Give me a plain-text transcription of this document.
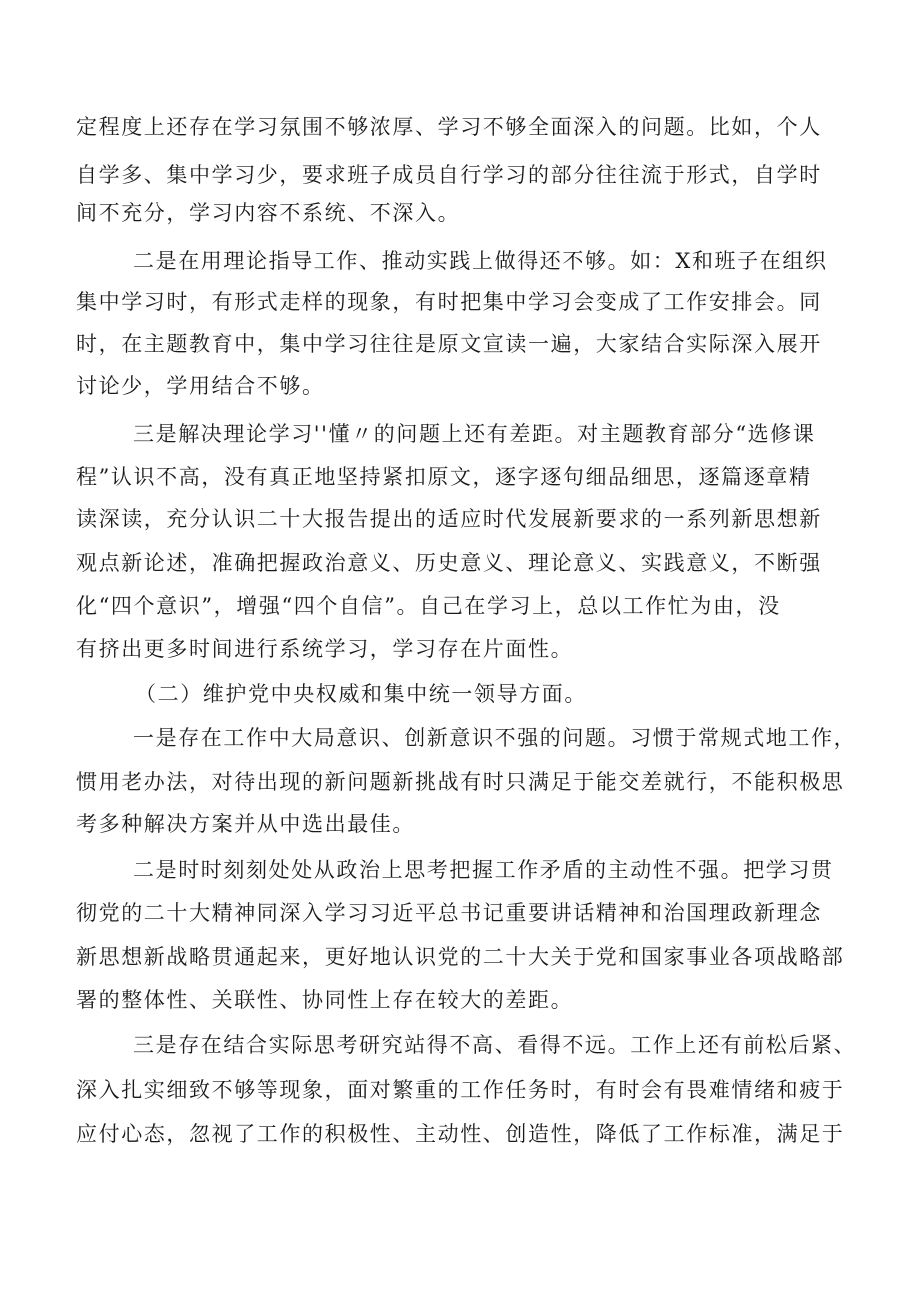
定程度上还存在学习氛围不够浓厚、学习不够全面深入的问题。比如，个人
自学多、集中学习少，要求班子成员自行学习的部分往往流于形式，自学时
间不充分，学习内容不系统、不深入。
二是在用理论指导工作、推动实践上做得还不够。如：X和班子在组织
集中学习时，有形式走样的现象，有时把集中学习会变成了工作安排会。同
时，在主题教育中，集中学习往往是原文宣读一遍，大家结合实际深入展开
讨论少，学用结合不够。
三是解决理论学习''懂〃的问题上还有差距。对主题教育部分“选修课
程”认识不高，没有真正地坚持紧扣原文，逐字逐句细品细思，逐篇逐章精
读深读，充分认识二十大报告提出的适应时代发展新要求的一系列新思想新
观点新论述，准确把握政治意义、历史意义、理论意义、实践意义，不断强
化“四个意识”，增强“四个自信”。自己在学习上，总以工作忙为由，没
有挤出更多时间进行系统学习，学习存在片面性。
（二）维护党中央权威和集中统一领导方面。
一是存在工作中大局意识、创新意识不强的问题。习惯于常规式地工作，
惯用老办法，对待出现的新问题新挑战有时只满足于能交差就行，不能积极思
考多种解决方案并从中选出最佳。
二是时时刻刻处处从政治上思考把握工作矛盾的主动性不强。把学习贯
彻党的二十大精神同深入学习习近平总书记重要讲话精神和治国理政新理念
新思想新战略贯通起来，更好地认识党的二十大关于党和国家事业各项战略部
署的整体性、关联性、协同性上存在较大的差距。
三是存在结合实际思考研究站得不高、看得不远。工作上还有前松后紧、
深入扎实细致不够等现象，面对繁重的工作任务时，有时会有畏难情绪和疲于
应付心态，忽视了工作的积极性、主动性、创造性，降低了工作标准，满足于
